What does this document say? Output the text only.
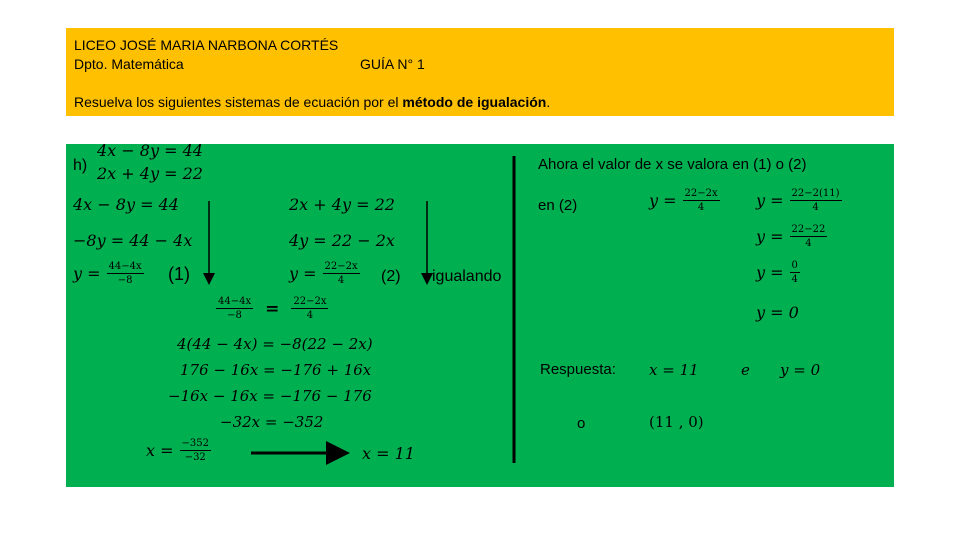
LICEO JOSÉ MARIA NARBONA CORTÉS
Dpto. Matemática	GUÍA N° 1
Resuelva los siguientes sistemas de ecuación por el método de igualación.
h)
4x − 8y = 44
2x + 4y = 22
4x − 8y = 44
−8y = 44 − 4x
$y = \frac{44-4x}{-8} (1)$
2x + 4y = 22
4y = 22 − 2x
$y = \frac{22-2x}{4} (2)$ igualando
$\frac{44-4x}{-8} = \frac{22-2x}{4}$
4(44 − 4x) = −8(22 − 2x)
176 − 16x = −176 + 16x
−16x − 16x = −176 − 176
−32x = −352
$x = \frac{-352}{-32}$	x = 11
Ahora el valor de x se valora en (1) o (2)
en (2)	$y = \frac{22-2x}{4}$ $y = \frac{22-2(11)}{4}$
$y = \frac{22-22}{4}$
$y = \frac{0}{4}$
y = 0
Respuesta: x = 11	e y = 0
o	(11 , 0)
